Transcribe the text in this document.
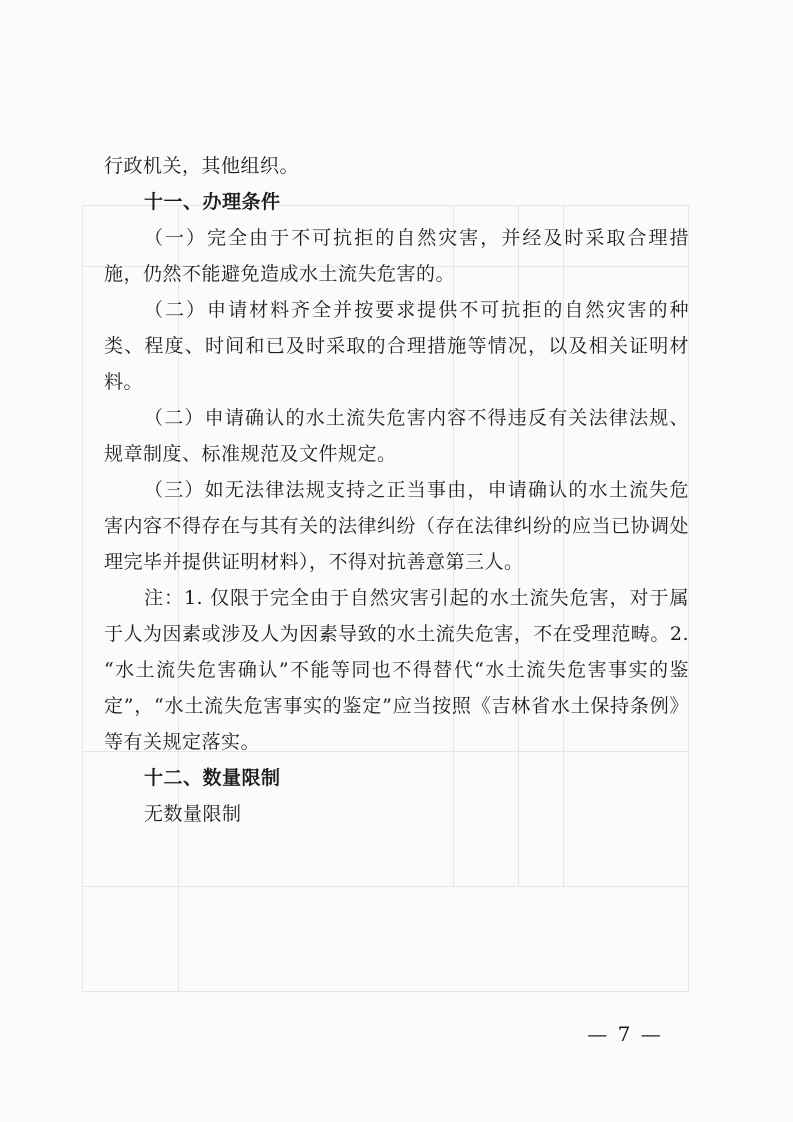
行政机关，其他组织。

十一、办理条件

（一）完全由于不可抗拒的自然灾害，并经及时采取合理措施，仍然不能避免造成水土流失危害的。

（二）申请材料齐全并按要求提供不可抗拒的自然灾害的种类、程度、时间和已及时采取的合理措施等情况，以及相关证明材料。

（二）申请确认的水土流失危害内容不得违反有关法律法规、规章制度、标准规范及文件规定。

（三）如无法律法规支持之正当事由，申请确认的水土流失危害内容不得存在与其有关的法律纠纷（存在法律纠纷的应当已协调处理完毕并提供证明材料），不得对抗善意第三人。

注：1. 仅限于完全由于自然灾害引起的水土流失危害，对于属于人为因素或涉及人为因素导致的水土流失危害，不在受理范畴。2. “水土流失危害确认”不能等同也不得替代“水土流失危害事实的鉴定”，“水土流失危害事实的鉴定”应当按照《吉林省水土保持条例》等有关规定落实。

十二、数量限制

无数量限制

— 7 —
